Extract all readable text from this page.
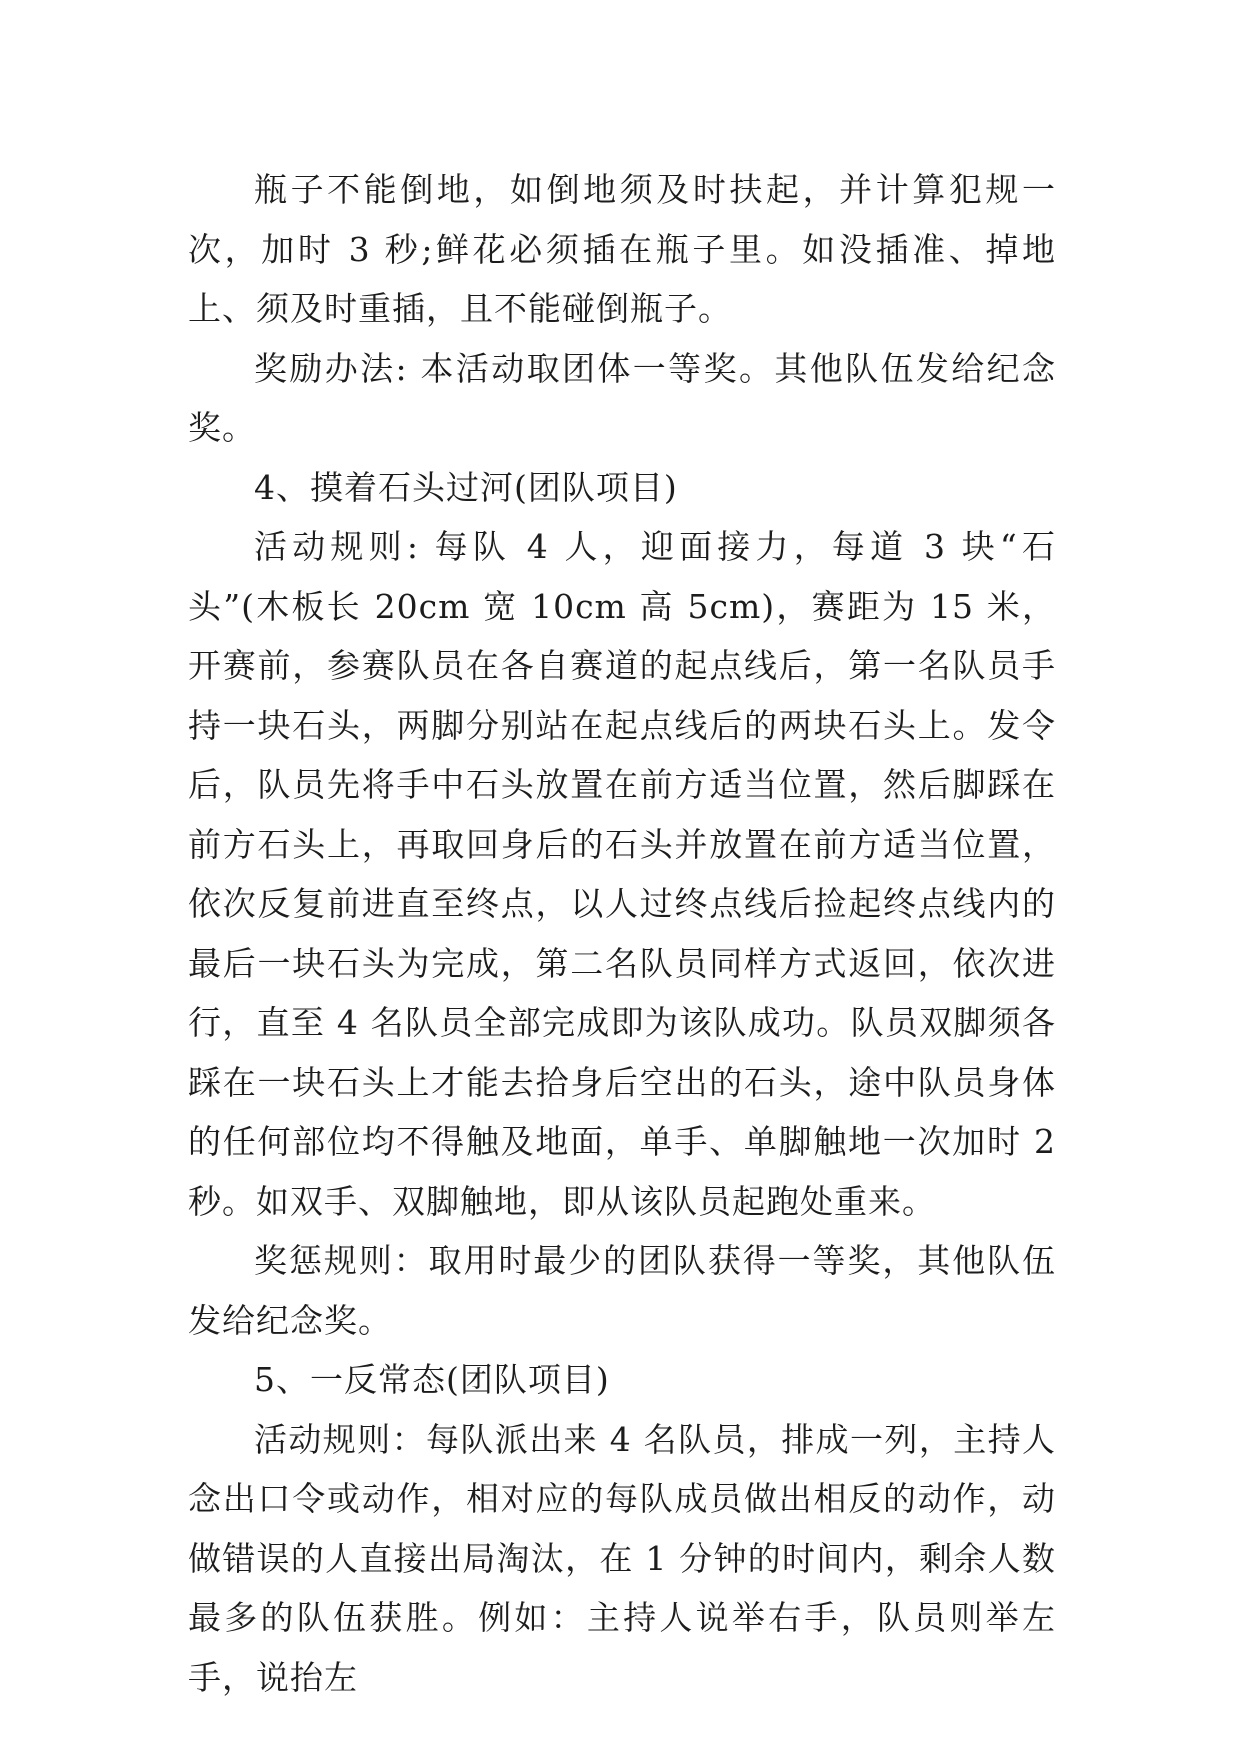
瓶子不能倒地，如倒地须及时扶起，并计算犯规一次，加时 3 秒;鲜花必须插在瓶子里。如没插准、掉地上、须及时重插，且不能碰倒瓶子。

奖励办法: 本活动取团体一等奖。其他队伍发给纪念奖。

4、摸着石头过河(团队项目)

活动规则: 每队 4 人，迎面接力，每道 3 块“石头”(木板长 20cm 宽 10cm 高 5cm)，赛距为 15 米，开赛前，参赛队员在各自赛道的起点线后，第一名队员手持一块石头，两脚分别站在起点线后的两块石头上。发令后，队员先将手中石头放置在前方适当位置，然后脚踩在前方石头上，再取回身后的石头并放置在前方适当位置，依次反复前进直至终点，以人过终点线后捡起终点线内的最后一块石头为完成，第二名队员同样方式返回，依次进行，直至 4 名队员全部完成即为该队成功。队员双脚须各踩在一块石头上才能去拾身后空出的石头，途中队员身体的任何部位均不得触及地面，单手、单脚触地一次加时 2 秒。如双手、双脚触地，即从该队员起跑处重来。

奖惩规则：取用时最少的团队获得一等奖，其他队伍发给纪念奖。

5、一反常态(团队项目)

活动规则：每队派出来 4 名队员，排成一列，主持人念出口令或动作，相对应的每队成员做出相反的动作，动做错误的人直接出局淘汰，在 1 分钟的时间内，剩余人数最多的队伍获胜。例如：主持人说举右手，队员则举左手，说抬左
